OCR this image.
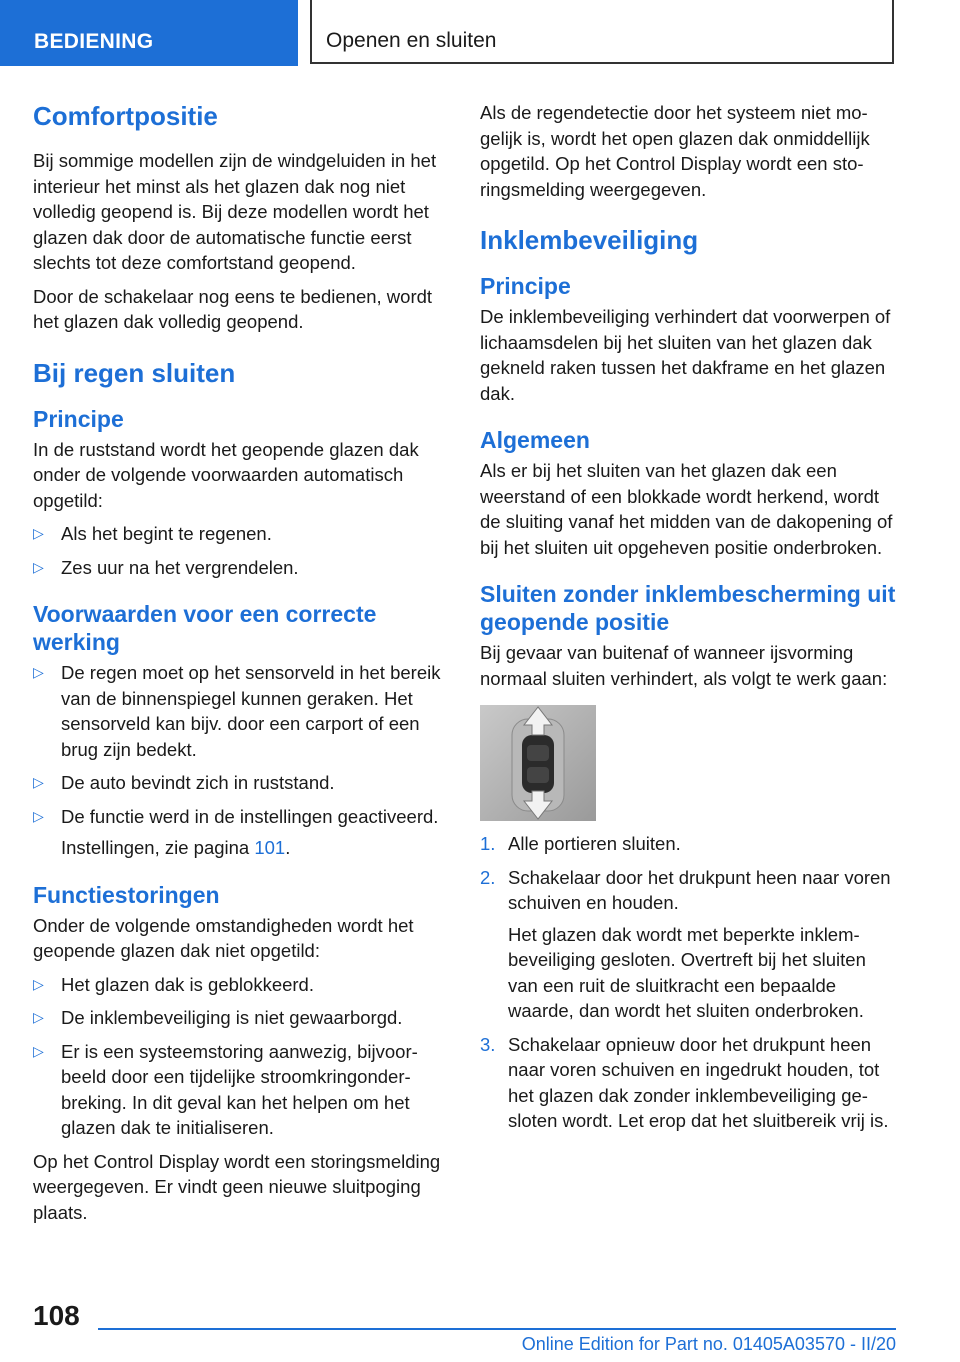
BEDIENING	Openen en sluiten
Comfortpositie

Bij sommige modellen zijn de windgeluiden in het interieur het minst als het glazen dak nog niet volledig geopend is. Bij deze modellen wordt het glazen dak door de automatische functie eerst slechts tot deze comfortstand geopend.

Door de schakelaar nog eens te bedienen, wordt het glazen dak volledig geopend.

Bij regen sluiten
Principe

In de ruststand wordt het geopende glazen dak onder de volgende voorwaarden automatisch opgetild:

▷ Als het begint te regenen.
▷ Zes uur na het vergrendelen.
Voorwaarden voor een correcte werking
▷ De regen moet op het sensorveld in het bereik van de binnenspiegel kunnen geraken. Het sensorveld kan bijv. door een carport of een brug zijn bedekt.
▷ De auto bevindt zich in ruststand.
▷ De functie werd in de instellingen geactiveerd.
Instellingen, zie pagina 101.
Functiestoringen

Onder de volgende omstandigheden wordt het geopende glazen dak niet opgetild:

▷ Het glazen dak is geblokkeerd.
▷ De inklembeveiliging is niet gewaarborgd.
▷ Er is een systeemstoring aanwezig, bijvoorbeeld door een tijdelijke stroomkringonderbreking. In dit geval kan het helpen om het glazen dak te initialiseren.

Op het Control Display wordt een storingsmelding weergegeven. Er vindt geen nieuwe sluitpoging plaats.

Als de regendetectie door het systeem niet mogelijk is, wordt het open glazen dak onmiddellijk opgetild. Op het Control Display wordt een storingsmelding weergegeven.

Inklembeveiliging
Principe

De inklembeveiliging verhindert dat voorwerpen of lichaamsdelen bij het sluiten van het glazen dak gekneld raken tussen het dakframe en het glazen dak.

Algemeen

Als er bij het sluiten van het glazen dak een weerstand of een blokkade wordt herkend, wordt de sluiting vanaf het midden van de dakopening of bij het sluiten uit opgeheven positie onderbroken.

Sluiten zonder inklembescherming uit geopende positie

Bij gevaar van buitenaf of wanneer ijsvorming normaal sluiten verhindert, als volgt te werk gaan:

1. Alle portieren sluiten.
2. Schakelaar door het drukpunt heen naar voren schuiven en houden.
Het glazen dak wordt met beperkte inklembeveiliging gesloten. Overtreft bij het sluiten van een ruit de sluitkracht een bepaalde waarde, dan wordt het sluiten onderbroken.
3. Schakelaar opnieuw door het drukpunt heen naar voren schuiven en ingedrukt houden, tot het glazen dak zonder inklembeveiliging gesloten wordt. Let erop dat het sluitbereik vrij is.
108
Online Edition for Part no. 01405A03570 - II/20
